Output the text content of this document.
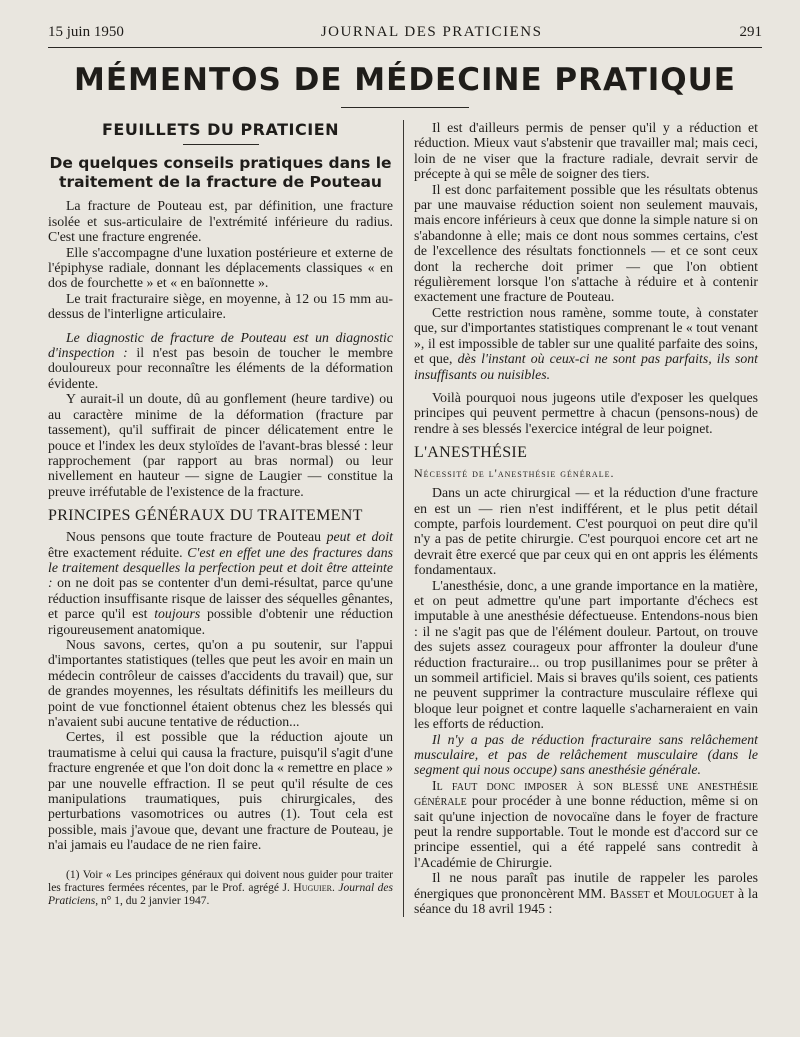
15 juin 1950	JOURNAL DES PRATICIENS	291
MÉMENTOS DE MÉDECINE PRATIQUE
FEUILLETS DU PRATICIEN
De quelques conseils pratiques dans le traitement de la fracture de Pouteau

La fracture de Pouteau est, par définition, une fracture isolée et sus-articulaire de l'extrémité inférieure du radius. C'est une fracture engrenée.

Elle s'accompagne d'une luxation postérieure et externe de l'épiphyse radiale, donnant les déplacements classiques « en dos de fourchette » et « en baïonnette ».

Le trait fracturaire siège, en moyenne, à 12 ou 15 mm au-dessus de l'interligne articulaire.

Le diagnostic de fracture de Pouteau est un diagnostic d'inspection : il n'est pas besoin de toucher le membre douloureux pour reconnaître les éléments de la déformation évidente.

Y aurait-il un doute, dû au gonflement (heure tardive) ou au caractère minime de la déformation (fracture par tassement), qu'il suffirait de pincer délicatement entre le pouce et l'index les deux styloïdes de l'avant-bras blessé : leur rapprochement (par rapport au bras normal) ou leur nivellement en hauteur — signe de Laugier — constitue la preuve irréfutable de l'existence de la fracture.

PRINCIPES GÉNÉRAUX DU TRAITEMENT

Nous pensons que toute fracture de Pouteau peut et doit être exactement réduite. C'est en effet une des fractures dans le traitement desquelles la perfection peut et doit être atteinte : on ne doit pas se contenter d'un demi-résultat, parce qu'une réduction insuffisante risque de laisser des séquelles gênantes, et parce qu'il est toujours possible d'obtenir une réduction rigoureusement anatomique.

Nous savons, certes, qu'on a pu soutenir, sur l'appui d'importantes statistiques (telles que peut les avoir en main un médecin contrôleur de caisses d'accidents du travail) que, sur de grandes moyennes, les résultats définitifs les meilleurs du point de vue fonctionnel étaient obtenus chez les blessés qui n'avaient subi aucune tentative de réduction...

Certes, il est possible que la réduction ajoute un traumatisme à celui qui causa la fracture, puisqu'il s'agit d'une fracture engrenée et que l'on doit donc la « remettre en place » par une nouvelle effraction. Il se peut qu'il résulte de ces manipulations traumatiques, puis chirurgicales, des perturbations vasomotrices ou autres (1). Tout cela est possible, mais j'avoue que, devant une fracture de Pouteau, je n'ai jamais eu l'audace de ne rien faire.

(1) Voir « Les principes généraux qui doivent nous guider pour traiter les fractures fermées récentes, par le Prof. agrégé J. Huguier. Journal des Praticiens, n° 1, du 2 janvier 1947.

Il est d'ailleurs permis de penser qu'il y a réduction et réduction. Mieux vaut s'abstenir que travailler mal; mais ceci, loin de ne viser que la fracture radiale, devrait servir de précepte à qui se mêle de soigner des tiers.

Il est donc parfaitement possible que les résultats obtenus par une mauvaise réduction soient non seulement mauvais, mais encore inférieurs à ceux que donne la simple nature si on s'abandonne à elle; mais ce dont nous sommes certains, c'est de l'excellence des résultats fonctionnels — et ce sont ceux dont la recherche doit primer — que l'on obtient régulièrement lorsque l'on s'attache à réduire et à contenir exactement une fracture de Pouteau.

Cette restriction nous ramène, somme toute, à constater que, sur d'importantes statistiques comprenant le « tout venant », il est impossible de tabler sur une qualité parfaite des soins, et que, dès l'instant où ceux-ci ne sont pas parfaits, ils sont insuffisants ou nuisibles.

Voilà pourquoi nous jugeons utile d'exposer les quelques principes qui peuvent permettre à chacun (pensons-nous) de rendre à ses blessés l'exercice intégral de leur poignet.

L'ANESTHÉSIE
Nécessité de l'anesthésie générale.

Dans un acte chirurgical — et la réduction d'une fracture en est un — rien n'est indifférent, et le plus petit détail compte, parfois lourdement. C'est pourquoi on peut dire qu'il n'y a pas de petite chirurgie. C'est pourquoi encore cet art ne devrait être exercé que par ceux qui en ont appris les éléments fondamentaux.

L'anesthésie, donc, a une grande importance en la matière, et on peut admettre qu'une part importante d'échecs est imputable à une anesthésie défectueuse. Entendons-nous bien : il ne s'agit pas que de l'élément douleur. Partout, on trouve des sujets assez courageux pour affronter la douleur d'une réduction fracturaire... ou trop pusillanimes pour se prêter à un sommeil artificiel. Mais si braves qu'ils soient, ces patients ne peuvent supprimer la contracture musculaire réflexe qui bloque leur poignet et contre laquelle s'acharneraient en vain les efforts de réduction.

Il n'y a pas de réduction fracturaire sans relâchement musculaire, et pas de relâchement musculaire (dans le segment qui nous occupe) sans anesthésie générale.

Il faut donc imposer à son blessé une anesthésie générale pour procéder à une bonne réduction, même si on sait qu'une injection de novocaïne dans le foyer de fracture peut la rendre supportable. Tout le monde est d'accord sur ce principe essentiel, qui a été rappelé sans contredit à l'Académie de Chirurgie.

Il ne nous paraît pas inutile de rappeler les paroles énergiques que prononcèrent MM. Basset et Mouloguet à la séance du 18 avril 1945 :
